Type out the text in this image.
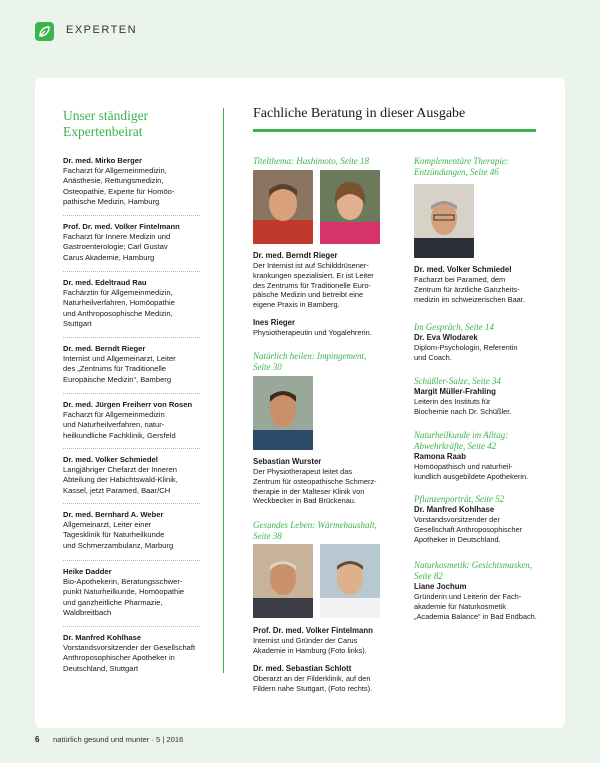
EXPERTEN
Unser ständiger
Expertenbeirat
Dr. med. Mirko Berger
Facharzt für Allgemeinmedizin,
Anästhesie, Rettungsmedizin,
Osteopathie, Experte für Homöo-
pathische Medizin, Hamburg
Prof. Dr. med. Volker Fintelmann
Facharzt für Innere Medizin und
Gastroenterologie; Carl Gustav
Carus Akademie, Hamburg
Dr. med. Edeltraud Rau
Fachärztin für Allgemeinmedizin,
Naturheilverfahren, Homöopathie
und Anthroposophische Medizin,
Stuttgart
Dr. med. Berndt Rieger
Internist und Allgemeinarzt, Leiter
des „Zentrums für Traditionelle
Europäische Medizin“, Bamberg
Dr. med. Jürgen Freiherr von Rosen
Facharzt für Allgemeinmedizin
und Naturheilverfahren, natur-
heilkundliche Fachklinik, Gersfeld
Dr. med. Volker Schmiedel
Langjähriger Chefarzt der Inneren
Abteilung der Habichtswald-Klinik,
Kassel, jetzt Paramed, Baar/CH
Dr. med. Bernhard A. Weber
Allgemeinarzt, Leiter einer
Tagesklinik für Naturheilkunde
und Schmerzambulanz, Marburg
Heike Dadder
Bio-Apothekerin, Beratungsschwer-
punkt Naturheilkunde, Homöopathie
und ganzheitliche Pharmazie,
Waldbreitbach
Dr. Manfred Kohlhase
Vorstandsvorsitzender der Gesellschaft
Anthroposophischer Apotheker in
Deutschland, Stuttgart
Fachliche Beratung in dieser Ausgabe
Titelthema: Hashimoto, Seite 18
Dr. med. Berndt Rieger
Der Internist ist auf Schilddrüsener-
krankungen spezialisiert. Er ist Leiter
des Zentrums für Traditionelle Euro-
päische Medizin und betreibt eine
eigene Praxis in Bamberg.
Ines Rieger
Physiotherapeutin und Yogalehrerin.
Natürlich heilen: Impingement,
Seite 30
Sebastian Wurster
Der Physiotherapeut leitet das
Zentrum für osteopathische Schmerz-
therapie in der Malteser Klinik von
Weckbecker in Bad Brückenau.
Gesundes Leben: Wärmehaushalt,
Seite 38
Prof. Dr. med. Volker Fintelmann
Internist und Gründer der Carus
Akademie in Hamburg (Foto links).
Dr. med. Sebastian Schlott
Oberarzt an der Filderklinik, auf den
Fildern nahe Stuttgart, (Foto rechts).
Komplementäre Therapie:
Entzündungen, Seite 46
Dr. med. Volker Schmiedel
Facharzt bei Paramed, dem
Zentrum für ärztliche Ganzheits-
medizin im schweizerischen Baar.
Im Gespräch, Seite 14
Dr. Eva Wlodarek
Diplom-Psychologin, Referentin
und Coach.
Schüßler-Salze, Seite 34
Margit Müller-Frahling
Leiterin des Instituts für
Biochemie nach Dr. Schüßler.
Naturheilkunde im Alltag:
Abwehrkräfte, Seite 42
Ramona Raab
Homöopathisch und naturheil-
kundlich ausgebildete Apothekerin.
Pflanzenporträt, Seite 52
Dr. Manfred Kohlhase
Vorstandsvorsitzender der
Gesellschaft Anthroposophischer
Apotheker in Deutschland.
Naturkosmetik: Gesichtsmasken,
Seite 82
Liane Jochum
Gründerin und Leiterin der Fach-
akademie für Naturkosmetik
„Academia Balance“ in Bad Endbach.
6 natürlich gesund und munter · 5 | 2016
